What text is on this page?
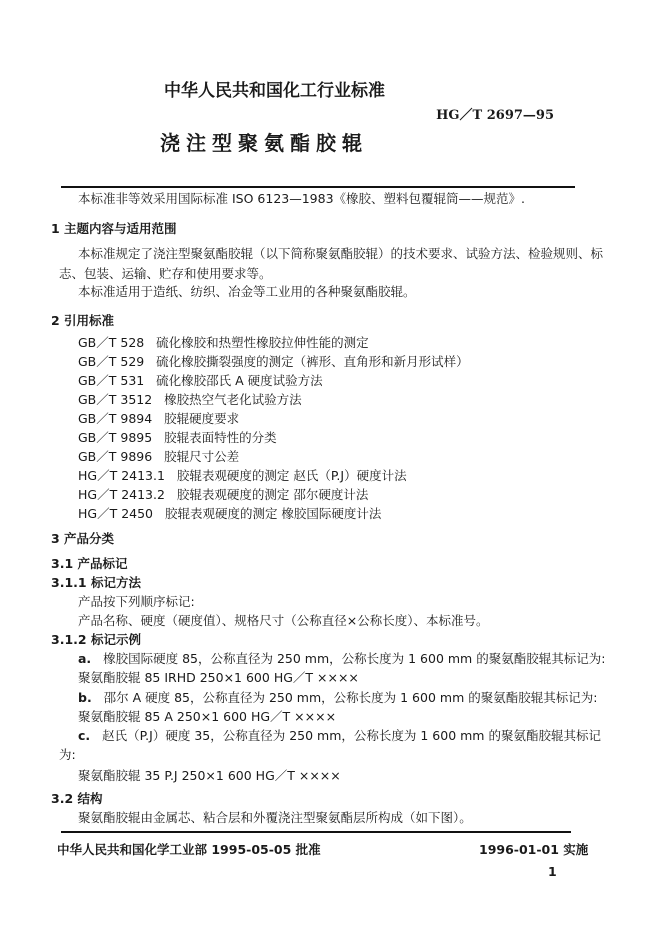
中华人民共和国化工行业标准
HG／T 2697—95
浇注型聚氨酯胶辊
本标准非等效采用国际标准 ISO 6123—1983《橡胶、塑料包覆辊筒——规范》.
1 主题内容与适用范围
本标准规定了浇注型聚氨酯胶辊（以下简称聚氨酯胶辊）的技术要求、试验方法、检验规则、标
志、包装、运输、贮存和使用要求等。
本标准适用于造纸、纺织、冶金等工业用的各种聚氨酯胶辊。
2 引用标准
GB／T 528 硫化橡胶和热塑性橡胶拉伸性能的测定
GB／T 529 硫化橡胶撕裂强度的测定（裤形、直角形和新月形试样）
GB／T 531 硫化橡胶邵氏 A 硬度试验方法
GB／T 3512 橡胶热空气老化试验方法
GB／T 9894 胶辊硬度要求
GB／T 9895 胶辊表面特性的分类
GB／T 9896 胶辊尺寸公差
HG／T 2413.1 胶辊表观硬度的测定 赵氏（P.J）硬度计法
HG／T 2413.2 胶辊表观硬度的测定 邵尔硬度计法
HG／T 2450 胶辊表观硬度的测定 橡胶国际硬度计法
3 产品分类
3.1 产品标记
3.1.1 标记方法
产品按下列顺序标记:
产品名称、硬度（硬度值）、规格尺寸（公称直径×公称长度）、本标准号。
3.1.2 标记示例
a. 橡胶国际硬度 85，公称直径为 250 mm，公称长度为 1 600 mm 的聚氨酯胶辊其标记为:
聚氨酯胶辊 85 IRHD 250×1 600 HG／T ××××
b. 邵尔 A 硬度 85，公称直径为 250 mm，公称长度为 1 600 mm 的聚氨酯胶辊其标记为:
聚氨酯胶辊 85 A 250×1 600 HG／T ××××
c. 赵氏（P.J）硬度 35，公称直径为 250 mm，公称长度为 1 600 mm 的聚氨酯胶辊其标记
为:
聚氨酯胶辊 35 P.J 250×1 600 HG／T ××××
3.2 结构
聚氨酯胶辊由金属芯、粘合层和外覆浇注型聚氨酯层所构成（如下图）。
中华人民共和国化学工业部 1995-05-05 批准	1996-01-01 实施
1
